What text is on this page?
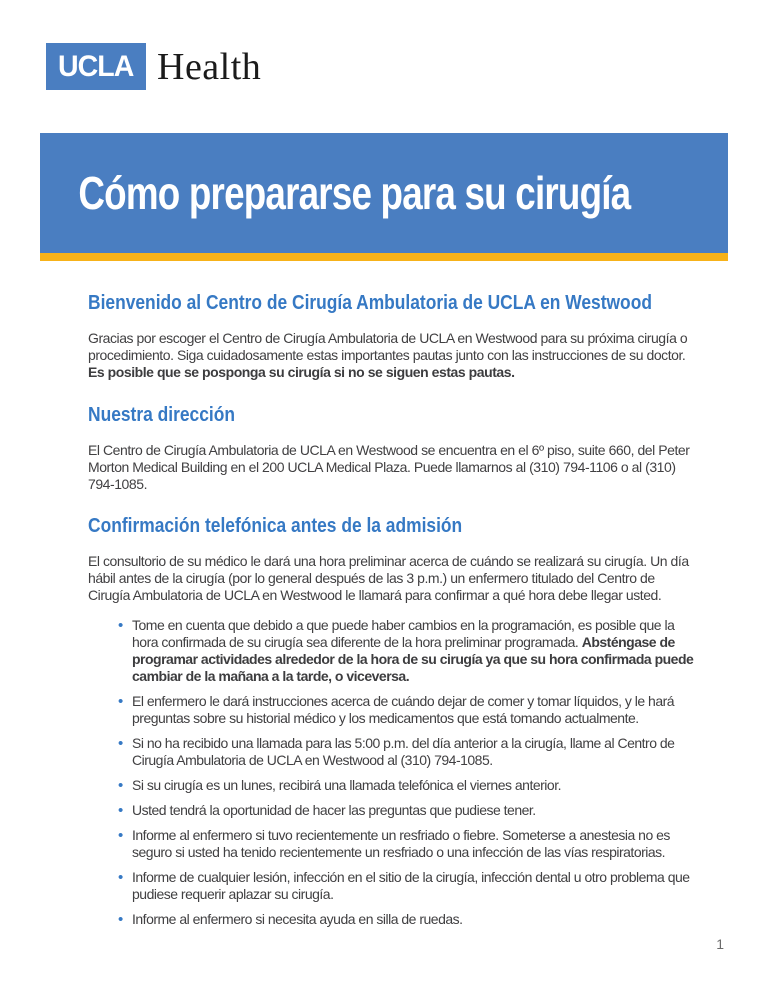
UCLA Health
Cómo prepararse para su cirugía
Bienvenido al Centro de Cirugía Ambulatoria de UCLA en Westwood

Gracias por escoger el Centro de Cirugía Ambulatoria de UCLA en Westwood para su próxima cirugía o procedimiento. Siga cuidadosamente estas importantes pautas junto con las instrucciones de su doctor. Es posible que se posponga su cirugía si no se siguen estas pautas.

Nuestra dirección

El Centro de Cirugía Ambulatoria de UCLA en Westwood se encuentra en el 6º piso, suite 660, del Peter Morton Medical Building en el 200 UCLA Medical Plaza. Puede llamarnos al (310) 794-1106 o al (310) 794-1085.

Confirmación telefónica antes de la admisión

El consultorio de su médico le dará una hora preliminar acerca de cuándo se realizará su cirugía. Un día hábil antes de la cirugía (por lo general después de las 3 p.m.) un enfermero titulado del Centro de Cirugía Ambulatoria de UCLA en Westwood le llamará para confirmar a qué hora debe llegar usted.

• Tome en cuenta que debido a que puede haber cambios en la programación, es posible que la hora confirmada de su cirugía sea diferente de la hora preliminar programada. Absténgase de programar actividades alrededor de la hora de su cirugía ya que su hora confirmada puede cambiar de la mañana a la tarde, o viceversa.
• El enfermero le dará instrucciones acerca de cuándo dejar de comer y tomar líquidos, y le hará preguntas sobre su historial médico y los medicamentos que está tomando actualmente.
• Si no ha recibido una llamada para las 5:00 p.m. del día anterior a la cirugía, llame al Centro de Cirugía Ambulatoria de UCLA en Westwood al (310) 794-1085.
• Si su cirugía es un lunes, recibirá una llamada telefónica el viernes anterior.
• Usted tendrá la oportunidad de hacer las preguntas que pudiese tener.
• Informe al enfermero si tuvo recientemente un resfriado o fiebre. Someterse a anestesia no es seguro si usted ha tenido recientemente un resfriado o una infección de las vías respiratorias.
• Informe de cualquier lesión, infección en el sitio de la cirugía, infección dental u otro problema que pudiese requerir aplazar su cirugía.
• Informe al enfermero si necesita ayuda en silla de ruedas.
1
